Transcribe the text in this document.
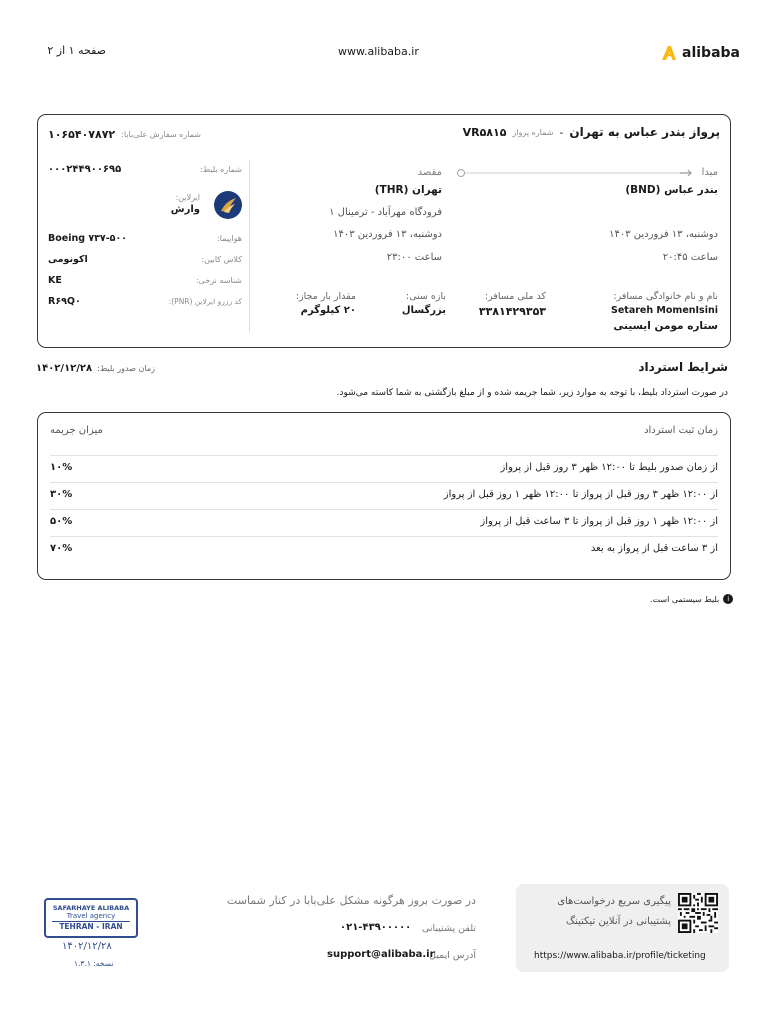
صفحه ۱ از ۲	www.alibaba.ir	alibaba
پرواز بندر عباس به تهران
-
شماره پرواز
VR۵۸۱۵
شماره سفارش علی‌بابا:
۱۰۶۵۴۰۷۸۷۲
مبدا
مقصد
بندر عباس (BND)
تهران (THR)
فرودگاه مهرآباد - ترمینال ۱
دوشنبه، ۱۳ فروردین ۱۴۰۳
دوشنبه، ۱۳ فروردین ۱۴۰۳
ساعت ۲۰:۴۵
ساعت ۲۳:۰۰
نام و نام خانوادگی مسافر:
Setareh MomenIsini
ستاره مومن ایسینی
کد ملی مسافر:
۳۳۸۱۴۲۹۳۵۳
بازه سنی:
بزرگسال
مقدار بار مجاز:
۲۰ کیلوگرم
شماره بلیط:
۰۰۰۲۴۴۹۰۰۶۹۵
ایرلاین:
وارش
هواپیما:
Boeing ۷۳۷-۵۰۰
کلاس کابین:
اکونومی
شناسه نرخی:
KE
کد رزرو ایرلاین (PNR):
R۶۹Q۰
شرایط استرداد
زمان صدور بلیط:
۱۴۰۲/۱۲/۲۸
در صورت استرداد بلیط، با توجه به موارد زیر، شما جریمه شده و از مبلغ بازگشتی به شما کاسته می‌شود.
زمان ثبت استرداد
میزان جریمه
از زمان صدور بلیط تا ۱۲:۰۰ ظهر ۳ روز قبل از پرواز
۱۰%
از ۱۲:۰۰ ظهر ۳ روز قبل از پرواز تا ۱۲:۰۰ ظهر ۱ روز قبل از پرواز
۳۰%
از ۱۲:۰۰ ظهر ۱ روز قبل از پرواز تا ۳ ساعت قبل از پرواز
۵۰%
از ۳ ساعت قبل از پرواز به بعد
۷۰%
i
بلیط سیستمی است.
SAFARHAYE ALIBABA
Travel agency
TEHRAN - IRAN
۱۴۰۲/۱۲/۲۸
نسخه: ۱.۳.۱
در صورت بروز هرگونه مشکل علی‌بابا در کنار شماست
تلفن پشتیبانی
۰۲۱-۴۳۹۰۰۰۰۰
آدرس ایمیل
support@alibaba.ir
پیگیری سریع درخواست‌های
پشتیبانی در آنلاین تیکتینگ
https://www.alibaba.ir/profile/ticketing
